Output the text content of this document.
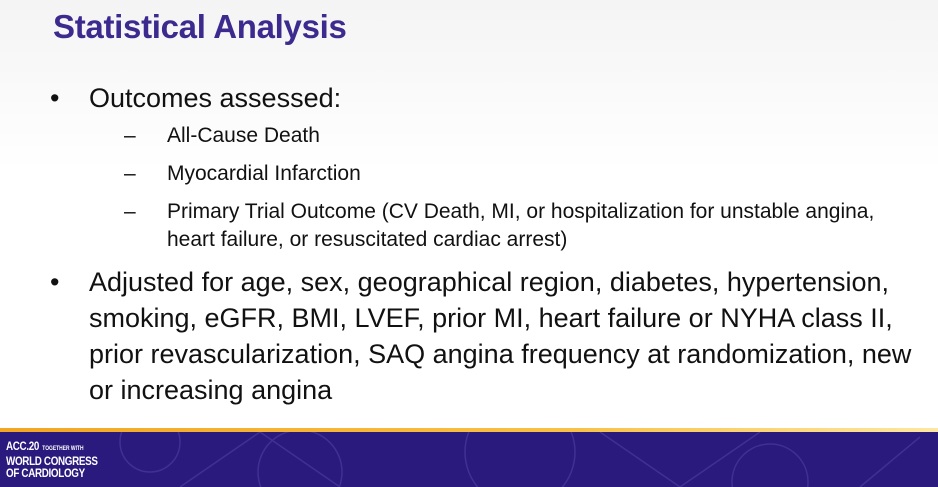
Statistical Analysis
•	Outcomes assessed:
–	All-Cause Death
–	Myocardial Infarction
–	Primary Trial Outcome (CV Death, MI, or hospitalization for unstable angina, heart failure, or resuscitated cardiac arrest)
•	Adjusted for age, sex, geographical region, diabetes, hypertension, smoking, eGFR, BMI, LVEF, prior MI, heart failure or NYHA class II, prior revascularization, SAQ angina frequency at randomization, new or increasing angina
ACC.20 TOGETHER WITH
WORLD CONGRESS
OF CARDIOLOGY
